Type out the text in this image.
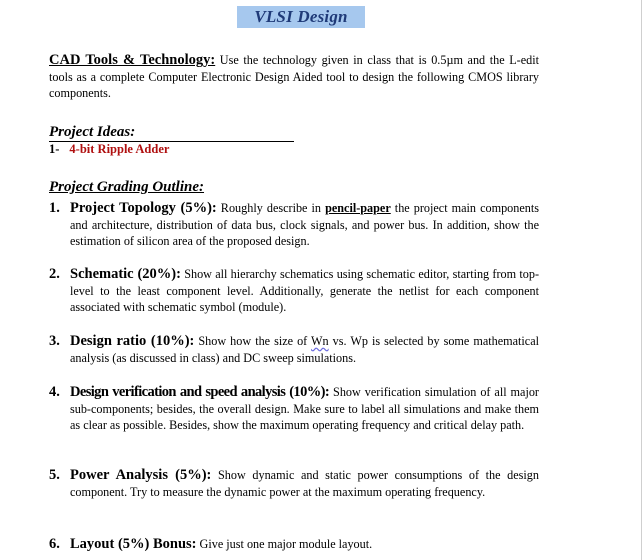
VLSI Design
CAD Tools & Technology: Use the technology given in class that is 0.5µm and the L-edit tools as a complete Computer Electronic Design Aided tool to design the following CMOS library components.
Project Ideas:
1- 4-bit Ripple Adder
Project Grading Outline:
1. Project Topology (5%): Roughly describe in pencil-paper the project main components and architecture, distribution of data bus, clock signals, and power bus. In addition, show the estimation of silicon area of the proposed design.
2. Schematic (20%): Show all hierarchy schematics using schematic editor, starting from top-level to the least component level. Additionally, generate the netlist for each component associated with schematic symbol (module).
3. Design ratio (10%): Show how the size of Wn vs. Wp is selected by some mathematical analysis (as discussed in class) and DC sweep simulations.
4. Design verification and speed analysis (10%): Show verification simulation of all major sub-components; besides, the overall design. Make sure to label all simulations and make them as clear as possible. Besides, show the maximum operating frequency and critical delay path.
5. Power Analysis (5%): Show dynamic and static power consumptions of the design component. Try to measure the dynamic power at the maximum operating frequency.
6. Layout (5%) Bonus: Give just one major module layout.
